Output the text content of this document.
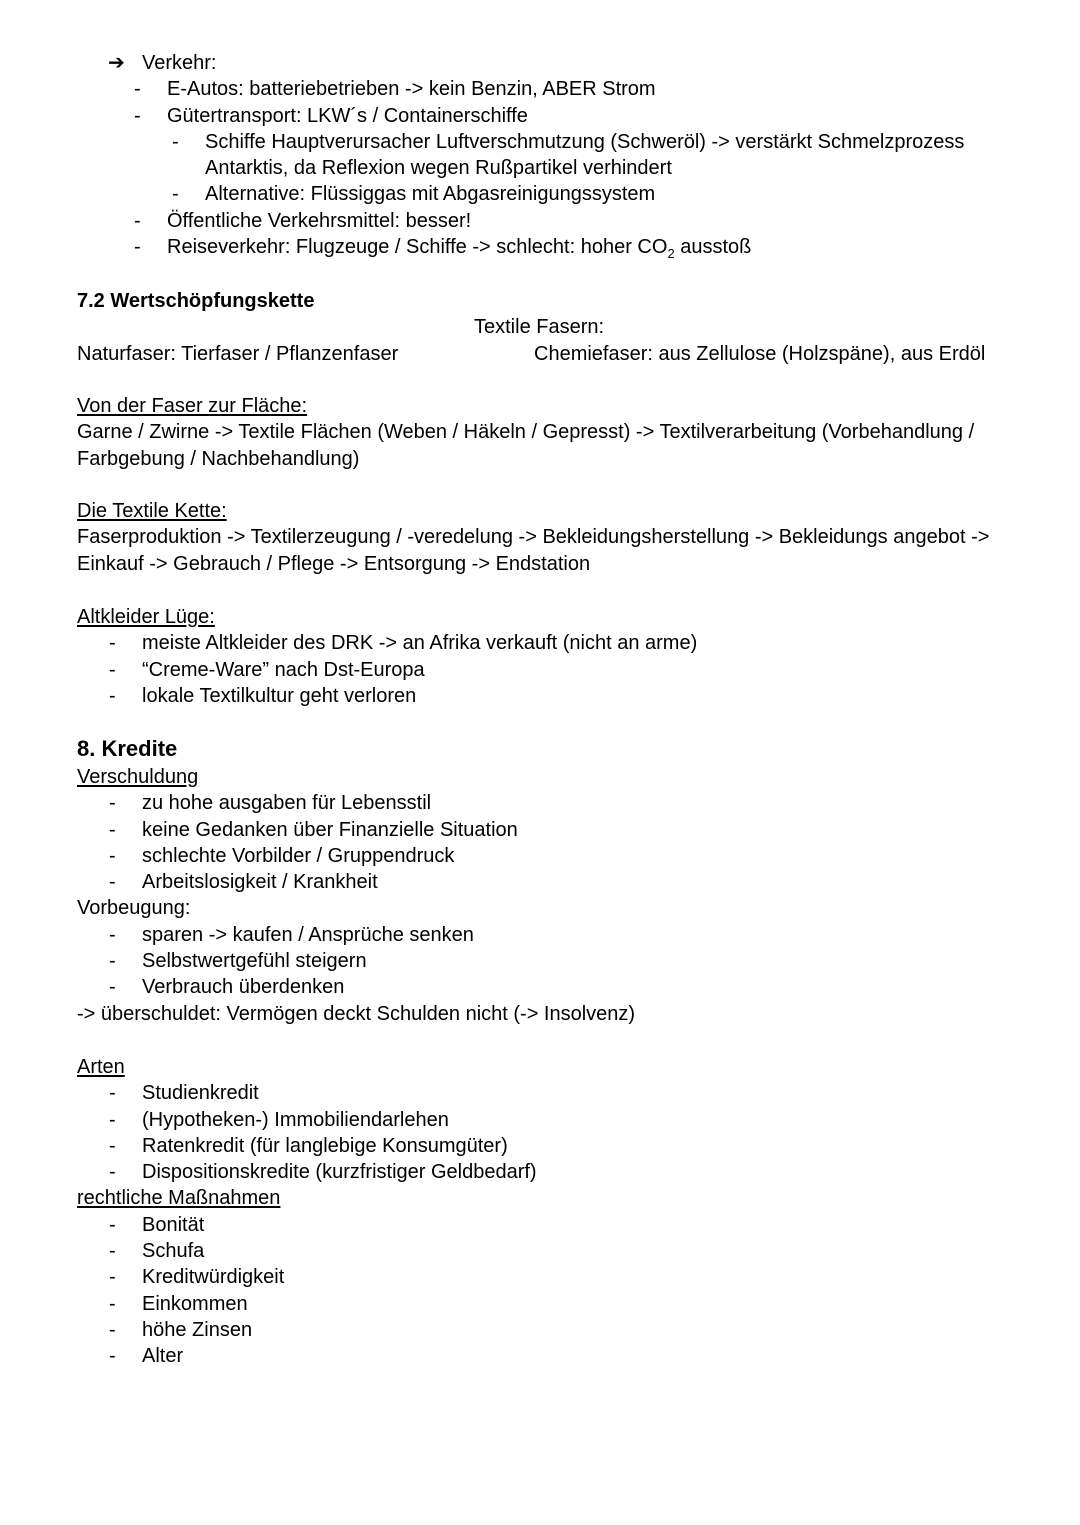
➔ Verkehr:
- E-Autos: batteriebetrieben -> kein Benzin, ABER Strom
- Gütertransport: LKW´s / Containerschiffe
- Schiffe Hauptverursacher Luftverschmutzung (Schweröl) -> verstärkt Schmelzprozess
Antarktis, da Reflexion wegen Rußpartikel verhindert
- Alternative: Flüssiggas mit Abgasreinigungssystem
- Öffentliche Verkehrsmittel: besser!
- Reiseverkehr: Flugzeuge / Schiffe -> schlecht: hoher $CO_2$ ausstoß
7.2 Wertschöpfungskette
Textile Fasern:
Naturfaser: Tierfaser / Pflanzenfaser	Chemiefaser: aus Zellulose (Holzspäne), aus Erdöl
Von der Faser zur Fläche:
Garne / Zwirne -> Textile Flächen (Weben / Häkeln / Gepresst) -> Textilverarbeitung (Vorbehandlung /
Farbgebung / Nachbehandlung)
Die Textile Kette:
Faserproduktion -> Textilerzeugung / -veredelung -> Bekleidungsherstellung -> Bekleidungs angebot ->
Einkauf -> Gebrauch / Pflege -> Entsorgung -> Endstation
Altkleider Lüge:
- meiste Altkleider des DRK -> an Afrika verkauft (nicht an arme)
- “Creme-Ware” nach Dst-Europa
- lokale Textilkultur geht verloren
8. Kredite
Verschuldung
- zu hohe ausgaben für Lebensstil
- keine Gedanken über Finanzielle Situation
- schlechte Vorbilder / Gruppendruck
- Arbeitslosigkeit / Krankheit
Vorbeugung:
- sparen -> kaufen / Ansprüche senken
- Selbstwertgefühl steigern
- Verbrauch überdenken
-> überschuldet: Vermögen deckt Schulden nicht (-> Insolvenz)
Arten
- Studienkredit
- (Hypotheken-) Immobiliendarlehen
- Ratenkredit (für langlebige Konsumgüter)
- Dispositionskredite (kurzfristiger Geldbedarf)
rechtliche Maßnahmen
- Bonität
- Schufa
- Kreditwürdigkeit
- Einkommen
- höhe Zinsen
- Alter
